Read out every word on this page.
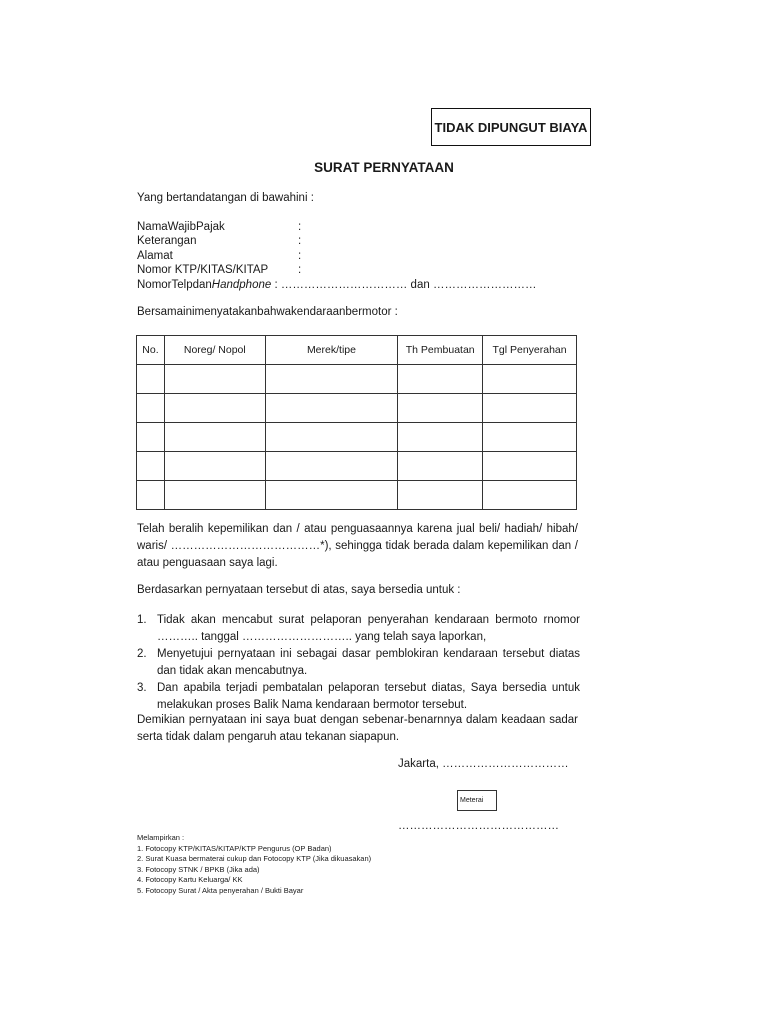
TIDAK DIPUNGUT BIAYA
SURAT PERNYATAAN
Yang bertandatangan di bawahini :
NamaWajibPajak	:
Keterangan	:
Alamat	:
Nomor KTP/KITAS/KITAP	:
NomorTelpdanHandphone : …………………………… dan ………………………
Bersamainimenyatakanbahwakendaraanbermotor :
No.	Noreg/ Nopol	Merek/tipe	Th Pembuatan	Tgl Penyerahan

Telah beralih kepemilikan dan / atau penguasaannya karena jual beli/ hadiah/ hibah/ waris/ …………………………………*), sehingga tidak berada dalam kepemilikan dan / atau penguasaan saya lagi.
Berdasarkan pernyataan tersebut di atas, saya bersedia untuk :
1. Tidak akan mencabut surat pelaporan penyerahan kendaraan bermoto rnomor ……….. tanggal ……………………….. yang telah saya laporkan,
2. Menyetujui pernyataan ini sebagai dasar pemblokiran kendaraan tersebut diatas dan tidak akan mencabutnya.
3. Dan apabila terjadi pembatalan pelaporan tersebut diatas, Saya bersedia untuk melakukan proses Balik Nama kendaraan bermotor tersebut.
Demikian pernyataan ini saya buat dengan sebenar-benarnnya dalam keadaan sadar serta tidak dalam pengaruh atau tekanan siapapun.
Jakarta, ……………………………
Meterai
……………………………………
Melampirkan :
1. Fotocopy KTP/KITAS/KITAP/KTP Pengurus (OP Badan)
2. Surat Kuasa bermaterai cukup dan Fotocopy KTP (Jika dikuasakan)
3. Fotocopy STNK / BPKB (Jika ada)
4. Fotocopy Kartu Keluarga/ KK
5. Fotocopy Surat / Akta penyerahan / Bukti Bayar
